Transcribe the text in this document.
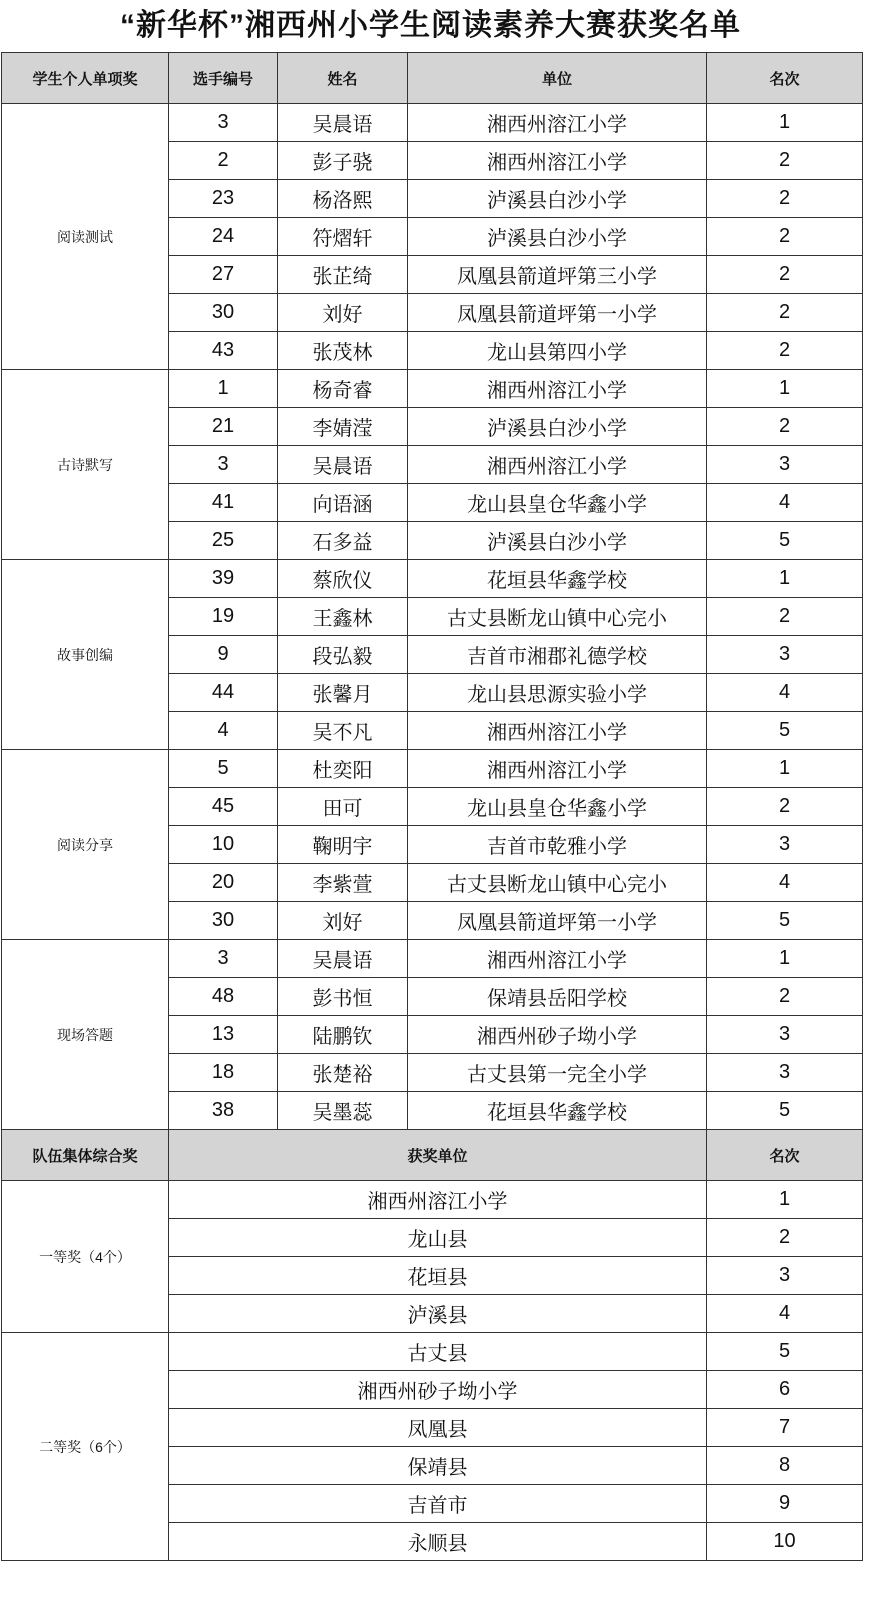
“新华杯”湘西州小学生阅读素养大赛获奖名单
学生个人单项奖	选手编号	姓名	单位	名次
阅读测试	3	吴晨语	湘西州溶江小学	1
	2	彭子骁	湘西州溶江小学	2
	23	杨洛熙	泸溪县白沙小学	2
	24	符熠轩	泸溪县白沙小学	2
	27	张芷绮	凤凰县箭道坪第三小学	2
	30	刘好	凤凰县箭道坪第一小学	2
	43	张茂林	龙山县第四小学	2
古诗默写	1	杨奇睿	湘西州溶江小学	1
	21	李婧滢	泸溪县白沙小学	2
	3	吴晨语	湘西州溶江小学	3
	41	向语涵	龙山县皇仓华鑫小学	4
	25	石多益	泸溪县白沙小学	5
故事创编	39	蔡欣仪	花垣县华鑫学校	1
	19	王鑫林	古丈县断龙山镇中心完小	2
	9	段弘毅	吉首市湘郡礼德学校	3
	44	张馨月	龙山县思源实验小学	4
	4	吴不凡	湘西州溶江小学	5
阅读分享	5	杜奕阳	湘西州溶江小学	1
	45	田可	龙山县皇仓华鑫小学	2
	10	鞠明宇	吉首市乾雅小学	3
	20	李紫萱	古丈县断龙山镇中心完小	4
	30	刘好	凤凰县箭道坪第一小学	5
现场答题	3	吴晨语	湘西州溶江小学	1
	48	彭书恒	保靖县岳阳学校	2
	13	陆鹏钦	湘西州砂子坳小学	3
	18	张楚裕	古丈县第一完全小学	3
	38	吴墨蕊	花垣县华鑫学校	5
队伍集体综合奖	获奖单位			名次
一等奖（4个）	湘西州溶江小学			1
	龙山县			2
	花垣县			3
	泸溪县			4
二等奖（6个）	古丈县			5
	湘西州砂子坳小学			6
	凤凰县			7
	保靖县			8
	吉首市			9
	永顺县			10
